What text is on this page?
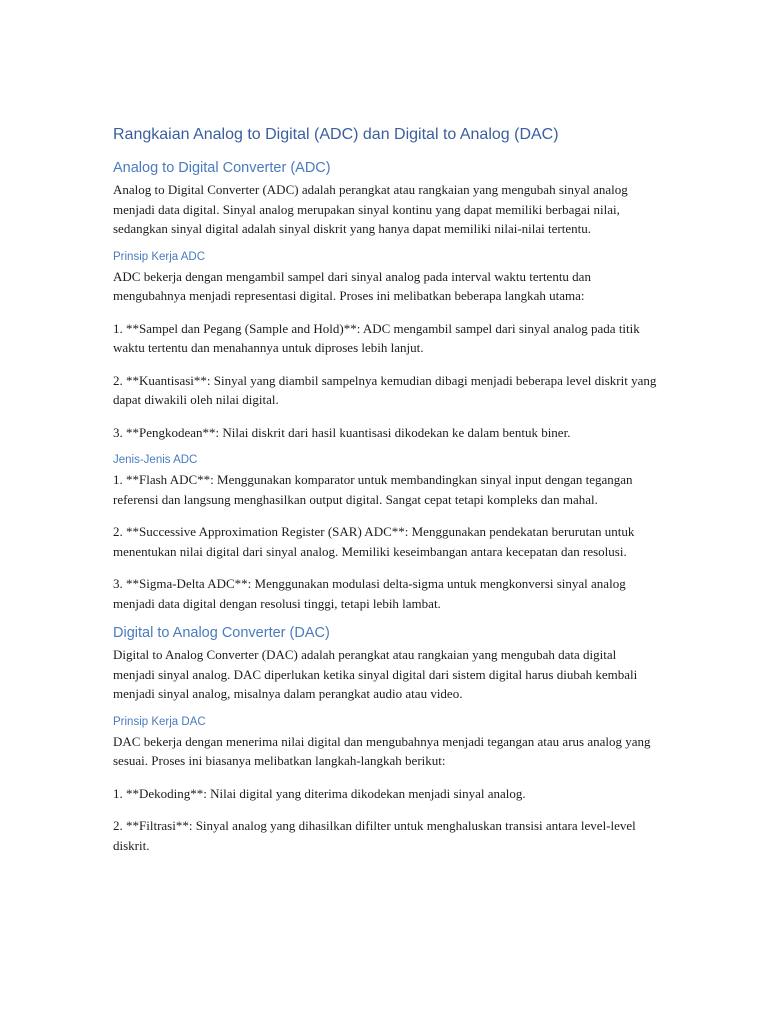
Rangkaian Analog to Digital (ADC) dan Digital to Analog (DAC)
Analog to Digital Converter (ADC)

Analog to Digital Converter (ADC) adalah perangkat atau rangkaian yang mengubah sinyal analog menjadi data digital. Sinyal analog merupakan sinyal kontinu yang dapat memiliki berbagai nilai, sedangkan sinyal digital adalah sinyal diskrit yang hanya dapat memiliki nilai-nilai tertentu.

Prinsip Kerja ADC

ADC bekerja dengan mengambil sampel dari sinyal analog pada interval waktu tertentu dan mengubahnya menjadi representasi digital. Proses ini melibatkan beberapa langkah utama:

1. **Sampel dan Pegang (Sample and Hold)**: ADC mengambil sampel dari sinyal analog pada titik waktu tertentu dan menahannya untuk diproses lebih lanjut.

2. **Kuantisasi**: Sinyal yang diambil sampelnya kemudian dibagi menjadi beberapa level diskrit yang dapat diwakili oleh nilai digital.

3. **Pengkodean**: Nilai diskrit dari hasil kuantisasi dikodekan ke dalam bentuk biner.

Jenis-Jenis ADC

1. **Flash ADC**: Menggunakan komparator untuk membandingkan sinyal input dengan tegangan referensi dan langsung menghasilkan output digital. Sangat cepat tetapi kompleks dan mahal.

2. **Successive Approximation Register (SAR) ADC**: Menggunakan pendekatan berurutan untuk menentukan nilai digital dari sinyal analog. Memiliki keseimbangan antara kecepatan dan resolusi.

3. **Sigma-Delta ADC**: Menggunakan modulasi delta-sigma untuk mengkonversi sinyal analog menjadi data digital dengan resolusi tinggi, tetapi lebih lambat.

Digital to Analog Converter (DAC)

Digital to Analog Converter (DAC) adalah perangkat atau rangkaian yang mengubah data digital menjadi sinyal analog. DAC diperlukan ketika sinyal digital dari sistem digital harus diubah kembali menjadi sinyal analog, misalnya dalam perangkat audio atau video.

Prinsip Kerja DAC

DAC bekerja dengan menerima nilai digital dan mengubahnya menjadi tegangan atau arus analog yang sesuai. Proses ini biasanya melibatkan langkah-langkah berikut:

1. **Dekoding**: Nilai digital yang diterima dikodekan menjadi sinyal analog.

2. **Filtrasi**: Sinyal analog yang dihasilkan difilter untuk menghaluskan transisi antara level-level diskrit.
